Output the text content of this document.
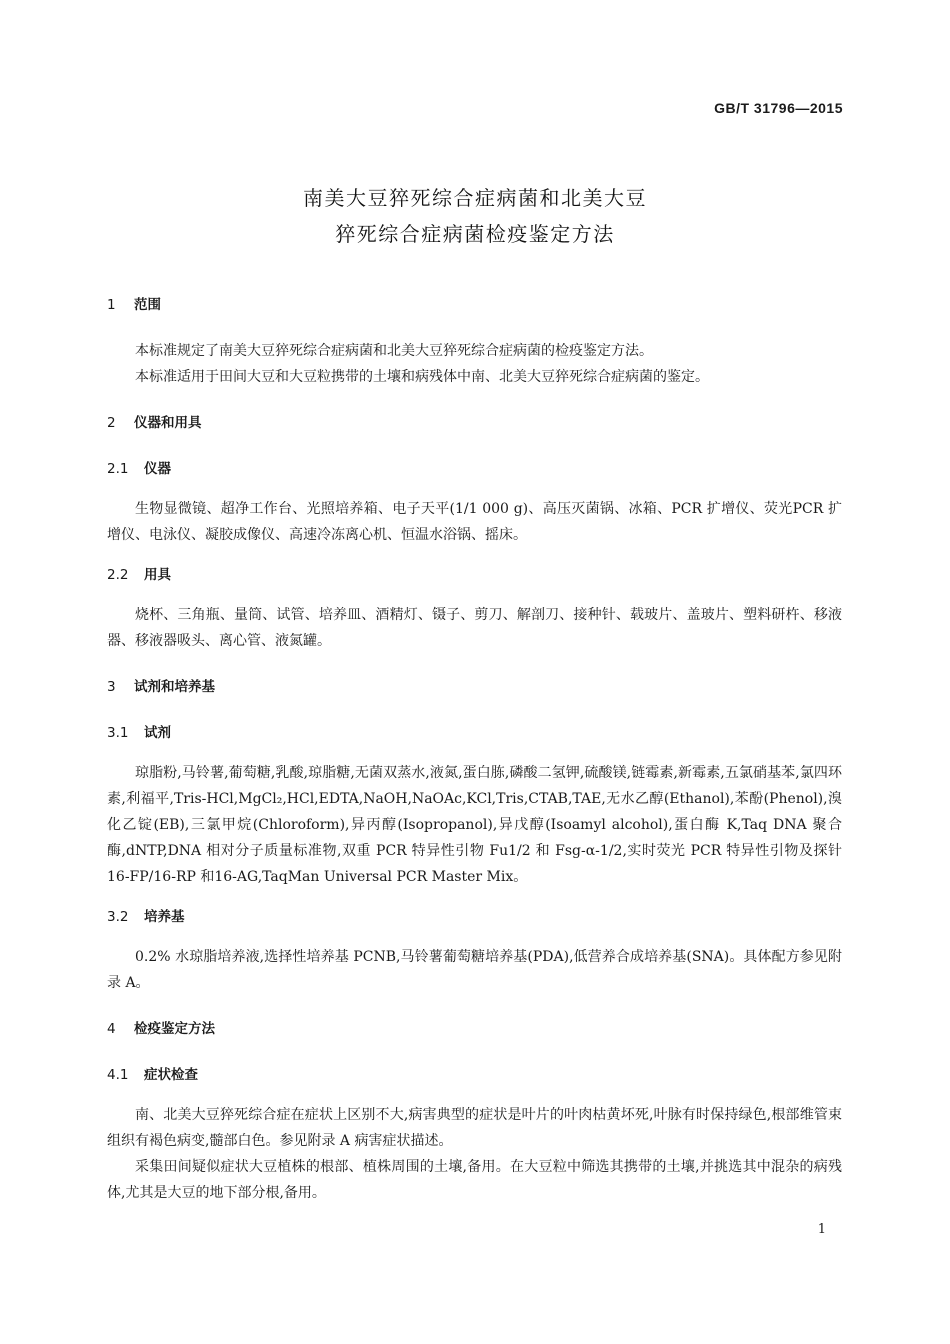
GB/T 31796—2015
南美大豆猝死综合症病菌和北美大豆
猝死综合症病菌检疫鉴定方法
1 范围

本标准规定了南美大豆猝死综合症病菌和北美大豆猝死综合症病菌的检疫鉴定方法。

本标准适用于田间大豆和大豆粒携带的土壤和病残体中南、北美大豆猝死综合症病菌的鉴定。

2 仪器和用具
2.1 仪器

生物显微镜、超净工作台、光照培养箱、电子天平(1/1 000 g)、高压灭菌锅、冰箱、PCR 扩增仪、荧光PCR 扩增仪、电泳仪、凝胶成像仪、高速冷冻离心机、恒温水浴锅、摇床。

2.2 用具

烧杯、三角瓶、量筒、试管、培养皿、酒精灯、镊子、剪刀、解剖刀、接种针、载玻片、盖玻片、塑料研杵、移液器、移液器吸头、离心管、液氮罐。

3 试剂和培养基
3.1 试剂

琼脂粉,马铃薯,葡萄糖,乳酸,琼脂糖,无菌双蒸水,液氮,蛋白胨,磷酸二氢钾,硫酸镁,链霉素,新霉素,五氯硝基苯,氯四环素,利福平,Tris-HCl,MgCl₂,HCl,EDTA,NaOH,NaOAc,KCl,Tris,CTAB,TAE,无水乙醇(Ethanol),苯酚(Phenol),溴化乙锭(EB),三氯甲烷(Chloroform),异丙醇(Isopropanol),异戊醇(Isoamyl alcohol),蛋白酶 K,Taq DNA 聚合酶,dNTP,DNA 相对分子质量标准物,双重 PCR 特异性引物 Fu1/2 和 Fsg-α-1/2,实时荧光 PCR 特异性引物及探针 16-FP/16-RP 和16-AG,TaqMan Universal PCR Master Mix。

3.2 培养基

0.2% 水琼脂培养液,选择性培养基 PCNB,马铃薯葡萄糖培养基(PDA),低营养合成培养基(SNA)。具体配方参见附录 A。

4 检疫鉴定方法
4.1 症状检查

南、北美大豆猝死综合症在症状上区别不大,病害典型的症状是叶片的叶肉枯黄坏死,叶脉有时保持绿色,根部维管束组织有褐色病变,髓部白色。参见附录 A 病害症状描述。

采集田间疑似症状大豆植株的根部、植株周围的土壤,备用。在大豆粒中筛选其携带的土壤,并挑选其中混杂的病残体,尤其是大豆的地下部分根,备用。

1
